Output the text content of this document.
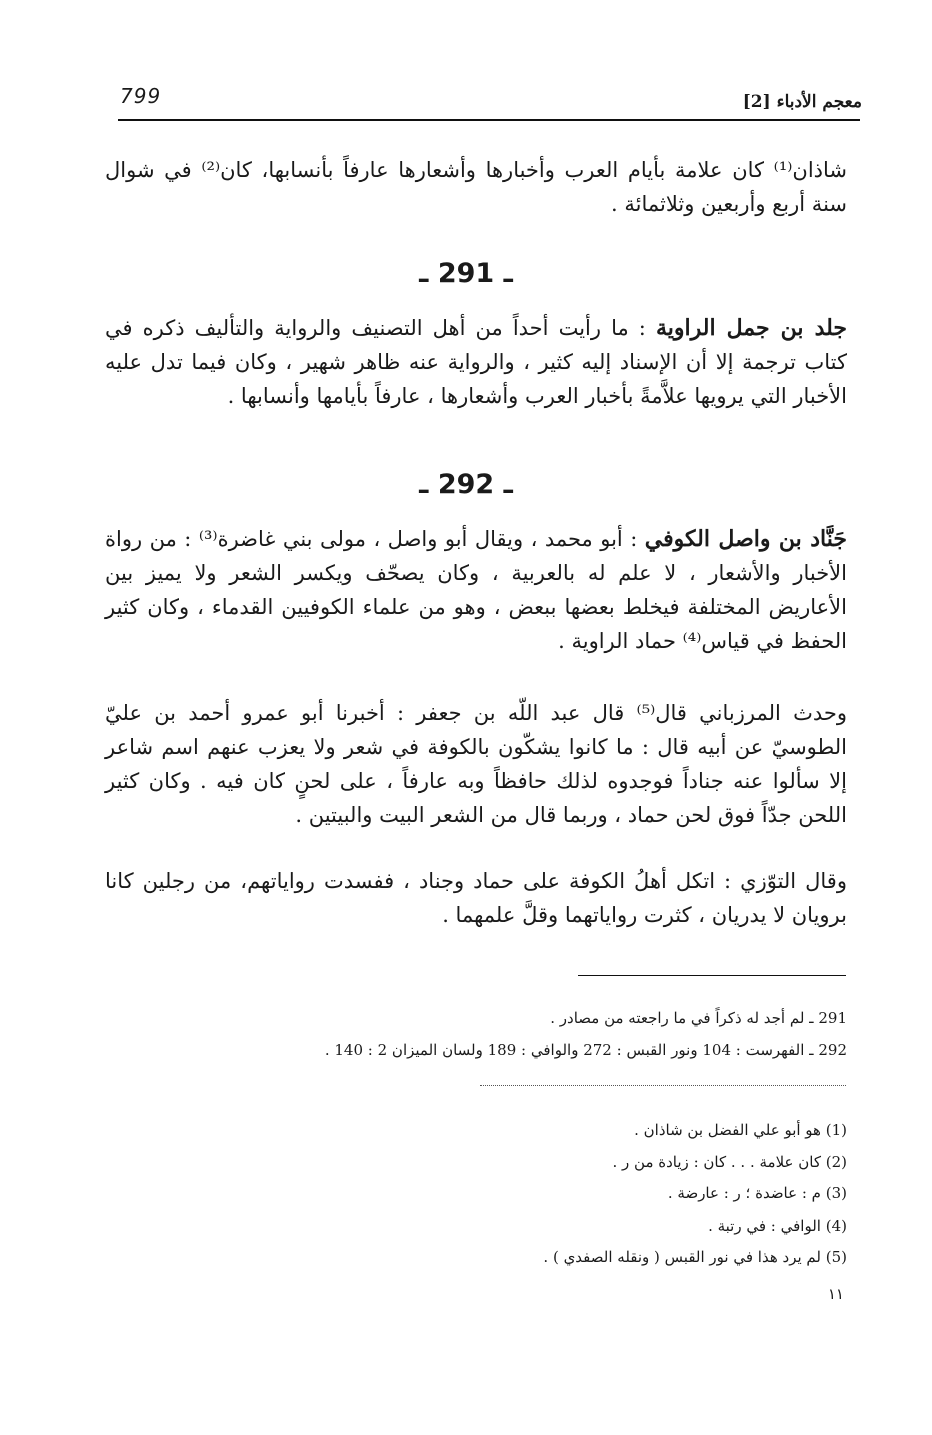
799	معجم الأدباء [2]

شاذان⁽¹⁾ كان علامة بأيام العرب وأخبارها وأشعارها عارفاً بأنسابها، كان⁽²⁾ في شوال سنة أربع وأربعين وثلاثمائة .

ـ 291 ـ

جلد بن جمل الراوية : ما رأيت أحداً من أهل التصنيف والرواية والتأليف ذكره في كتاب ترجمة إلا أن الإسناد إليه كثير ، والرواية عنه ظاهر شهير ، وكان فيما تدل عليه الأخبار التي يرويها علاَّمةً بأخبار العرب وأشعارها ، عارفاً بأيامها وأنسابها .

ـ 292 ـ

جَنَّاد بن واصل الكوفي : أبو محمد ، ويقال أبو واصل ، مولى بني غاضرة⁽³⁾ : من رواة الأخبار والأشعار ، لا علم له بالعربية ، وكان يصحّف ويكسر الشعر ولا يميز بين الأعاريض المختلفة فيخلط بعضها ببعض ، وهو من علماء الكوفيين القدماء ، وكان كثير الحفظ في قياس⁽⁴⁾ حماد الراوية .

وحدث المرزباني قال⁽⁵⁾ قال عبد اللّه بن جعفر : أخبرنا أبو عمرو أحمد بن عليّ الطوسيّ عن أبيه قال : ما كانوا يشكّون بالكوفة في شعر ولا يعزب عنهم اسم شاعر إلا سألوا عنه جناداً فوجدوه لذلك حافظاً وبه عارفاً ، على لحنٍ كان فيه . وكان كثير اللحن جدّاً فوق لحن حماد ، وربما قال من الشعر البيت والبيتين .

وقال التوّزي : اتكل أهلُ الكوفة على حماد وجناد ، ففسدت رواياتهم، من رجلين كانا برويان لا يدريان ، كثرت رواياتهما وقلَّ علمهما .

291 ـ لم أجد له ذكراً في ما راجعته من مصادر .
292 ـ الفهرست : 104 ونور القبس : 272 والوافي : 189 ولسان الميزان 2 : 140 .
(1) هو أبو علي الفضل بن شاذان .
(2) كان علامة . . . كان : زيادة من ر .
(3) م : عاضدة ؛ ر : عارضة .
(4) الوافي : في رتبة .
(5) لم يرد هذا في نور القبس ( ونقله الصفدي ) .
١١
